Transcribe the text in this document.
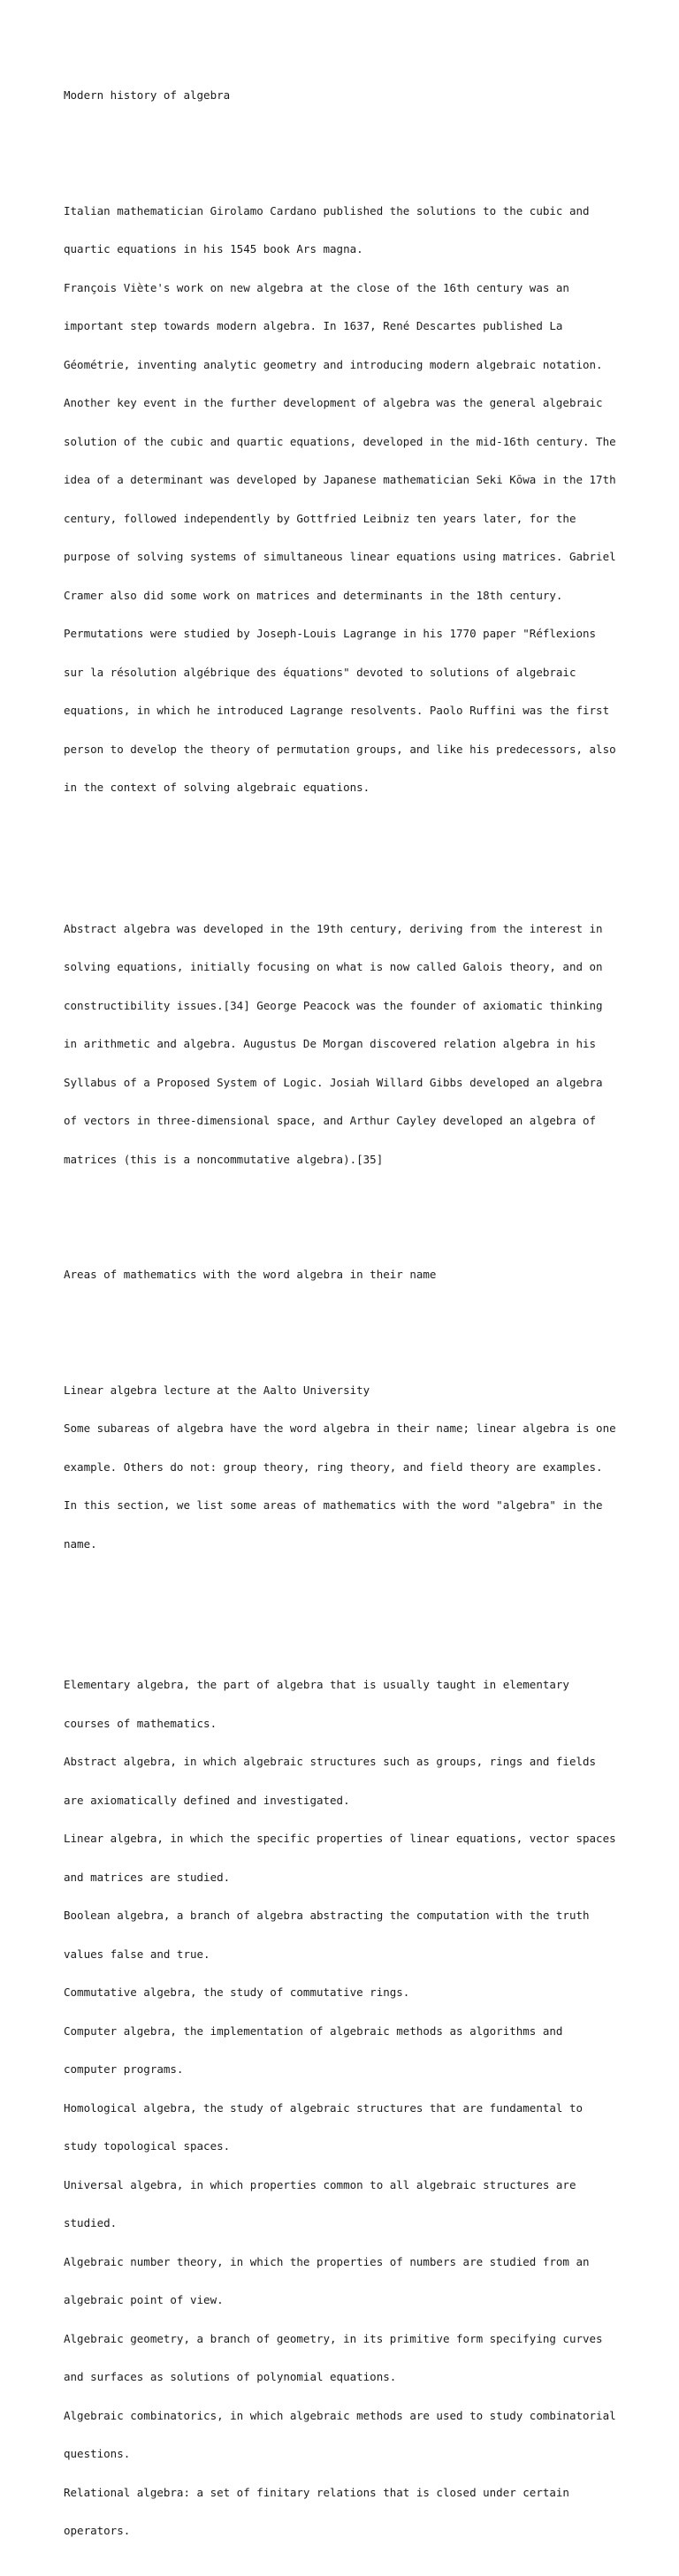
Modern history of algebra

Italian mathematician Girolamo Cardano published the solutions to the cubic and

quartic equations in his 1545 book Ars magna.

François Viète's work on new algebra at the close of the 16th century was an

important step towards modern algebra. In 1637, René Descartes published La

Géométrie, inventing analytic geometry and introducing modern algebraic notation.

Another key event in the further development of algebra was the general algebraic

solution of the cubic and quartic equations, developed in the mid-16th century. The

idea of a determinant was developed by Japanese mathematician Seki Kōwa in the 17th

century, followed independently by Gottfried Leibniz ten years later, for the

purpose of solving systems of simultaneous linear equations using matrices. Gabriel

Cramer also did some work on matrices and determinants in the 18th century.

Permutations were studied by Joseph-Louis Lagrange in his 1770 paper "Réflexions

sur la résolution algébrique des équations" devoted to solutions of algebraic

equations, in which he introduced Lagrange resolvents. Paolo Ruffini was the first

person to develop the theory of permutation groups, and like his predecessors, also

in the context of solving algebraic equations.

Abstract algebra was developed in the 19th century, deriving from the interest in

solving equations, initially focusing on what is now called Galois theory, and on

constructibility issues.[34] George Peacock was the founder of axiomatic thinking

in arithmetic and algebra. Augustus De Morgan discovered relation algebra in his

Syllabus of a Proposed System of Logic. Josiah Willard Gibbs developed an algebra

of vectors in three-dimensional space, and Arthur Cayley developed an algebra of

matrices (this is a noncommutative algebra).[35]

Areas of mathematics with the word algebra in their name

Linear algebra lecture at the Aalto University

Some subareas of algebra have the word algebra in their name; linear algebra is one

example. Others do not: group theory, ring theory, and field theory are examples.

In this section, we list some areas of mathematics with the word "algebra" in the

name.

Elementary algebra, the part of algebra that is usually taught in elementary

courses of mathematics.

Abstract algebra, in which algebraic structures such as groups, rings and fields

are axiomatically defined and investigated.

Linear algebra, in which the specific properties of linear equations, vector spaces

and matrices are studied.

Boolean algebra, a branch of algebra abstracting the computation with the truth

values false and true.

Commutative algebra, the study of commutative rings.

Computer algebra, the implementation of algebraic methods as algorithms and

computer programs.

Homological algebra, the study of algebraic structures that are fundamental to

study topological spaces.

Universal algebra, in which properties common to all algebraic structures are

studied.

Algebraic number theory, in which the properties of numbers are studied from an

algebraic point of view.

Algebraic geometry, a branch of geometry, in its primitive form specifying curves

and surfaces as solutions of polynomial equations.

Algebraic combinatorics, in which algebraic methods are used to study combinatorial

questions.

Relational algebra: a set of finitary relations that is closed under certain

operators.
